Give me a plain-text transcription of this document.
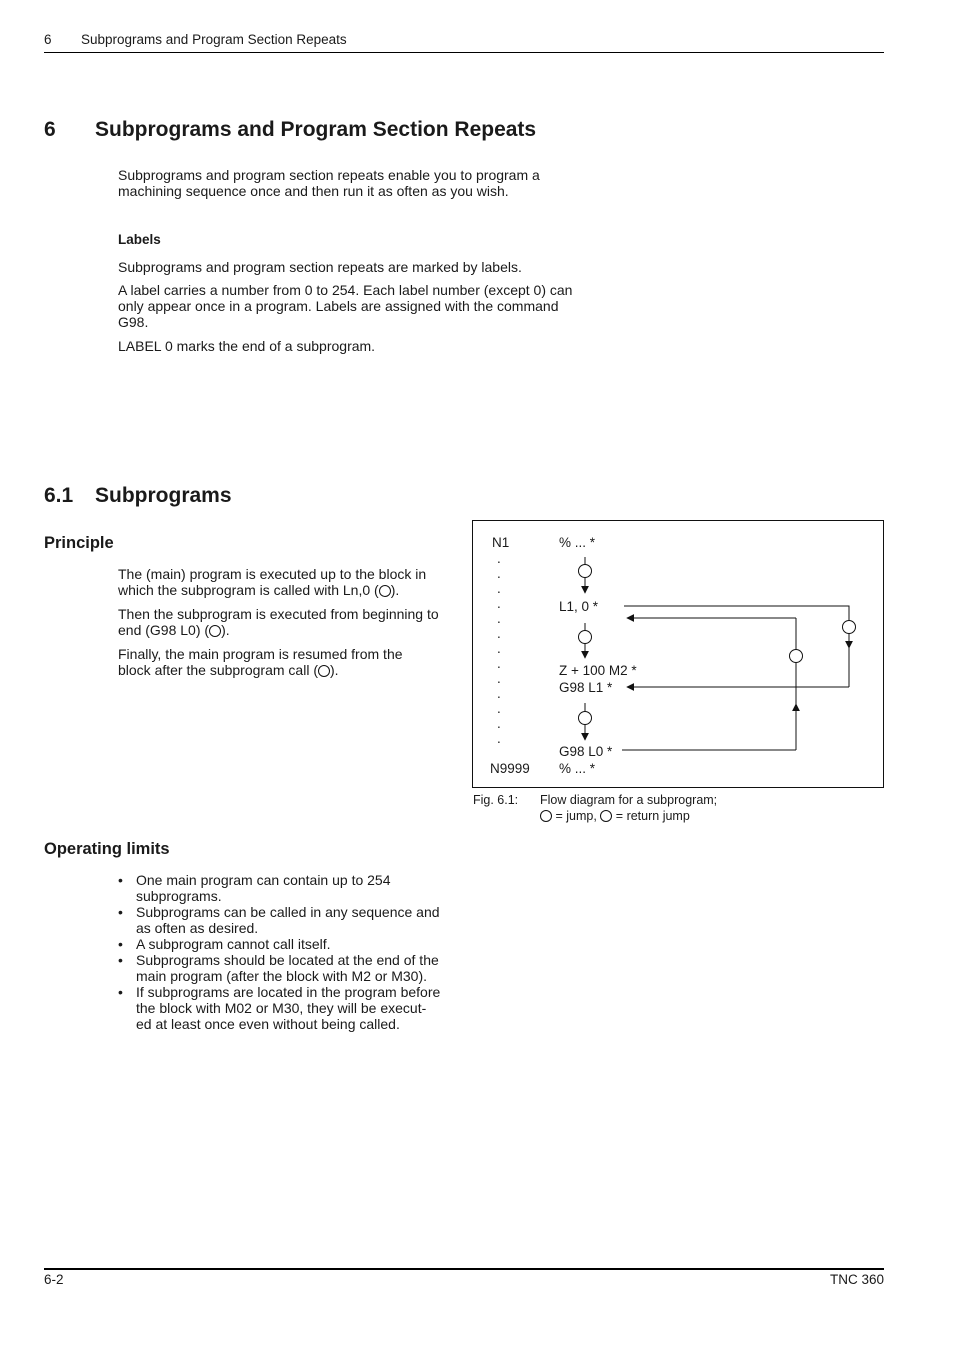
6 Subprograms and Program Section Repeats
6 Subprograms and Program Section Repeats

Subprograms and program section repeats enable you to program a

machining sequence once and then run it as often as you wish.

Labels

Subprograms and program section repeats are marked by labels.

A label carries a number from 0 to 254. Each label number (except 0) can

only appear once in a program. Labels are assigned with the command

G98.

LABEL 0 marks the end of a subprogram.

6.1 Subprograms
Principle

The (main) program is executed up to the block in

which the subprogram is called with Ln,0 ( ).

Then the subprogram is executed from beginning to

end (G98 L0) ( ).

Finally, the main program is resumed from the

block after the subprogram call ( ).

N1	% ... *
.
.
.
.
.
.
.
.
.
.
.
.
.
L1, 0 *
Z + 100 M2 *
G98 L1 *
G98 L0 *
N9999 % ... *
Fig. 6.1: Flow diagram for a subprogram;
= jump, = return jump
Operating limits
• One main program can contain up to 254
subprograms.
• Subprograms can be called in any sequence and
as often as desired.
• A subprogram cannot call itself.
• Subprograms should be located at the end of the
main program (after the block with M2 or M30).
• If subprograms are located in the program before
the block with M02 or M30, they will be execut-
ed at least once even without being called.
6-2	TNC 360
